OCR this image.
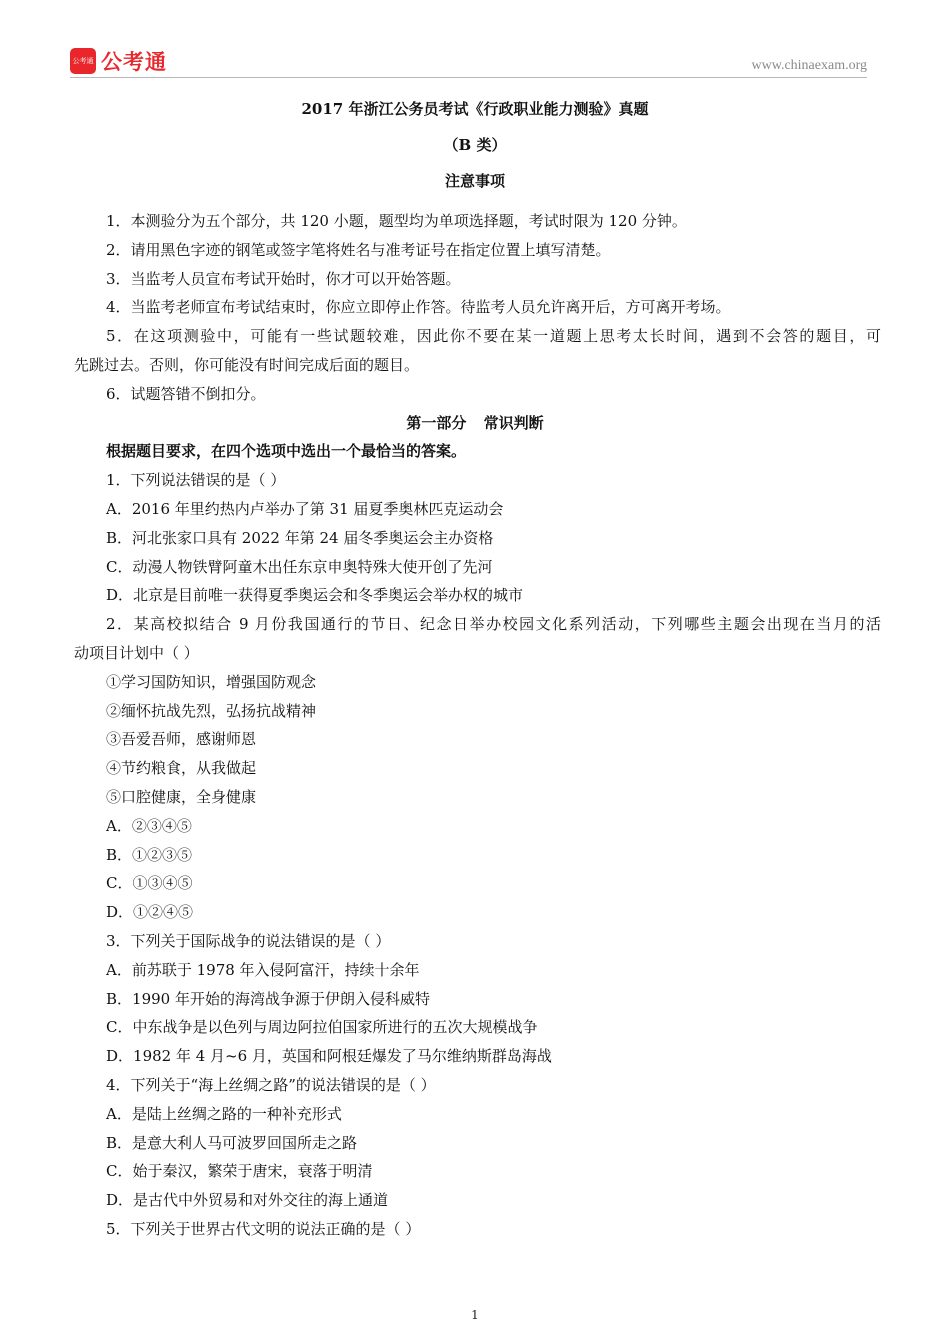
公考通 公考通	www.chinaexam.org
2017 年浙江公务员考试《行政职业能力测验》真题
（B 类）
注意事项
1．本测验分为五个部分，共 120 小题，题型均为单项选择题，考试时限为 120 分钟。
2．请用黑色字迹的钢笔或签字笔将姓名与准考证号在指定位置上填写清楚。
3．当监考人员宣布考试开始时，你才可以开始答题。
4．当监考老师宣布考试结束时，你应立即停止作答。待监考人员允许离开后，方可离开考场。
5．在这项测验中，可能有一些试题较难，因此你不要在某一道题上思考太长时间，遇到不会答的题目，可
先跳过去。否则，你可能没有时间完成后面的题目。
6．试题答错不倒扣分。
第一部分 常识判断
根据题目要求，在四个选项中选出一个最恰当的答案。
1．下列说法错误的是（ ）
A．2016 年里约热内卢举办了第 31 届夏季奥林匹克运动会
B．河北张家口具有 2022 年第 24 届冬季奥运会主办资格
C．动漫人物铁臂阿童木出任东京申奥特殊大使开创了先河
D．北京是目前唯一获得夏季奥运会和冬季奥运会举办权的城市
2．某高校拟结合 9 月份我国通行的节日、纪念日举办校园文化系列活动，下列哪些主题会出现在当月的活
动项目计划中（ ）
①学习国防知识，增强国防观念
②缅怀抗战先烈，弘扬抗战精神
③吾爱吾师，感谢师恩
④节约粮食，从我做起
⑤口腔健康，全身健康
A．②③④⑤
B．①②③⑤
C．①③④⑤
D．①②④⑤
3．下列关于国际战争的说法错误的是（ ）
A．前苏联于 1978 年入侵阿富汗，持续十余年
B．1990 年开始的海湾战争源于伊朗入侵科威特
C．中东战争是以色列与周边阿拉伯国家所进行的五次大规模战争
D．1982 年 4 月~6 月，英国和阿根廷爆发了马尔维纳斯群岛海战
4．下列关于“海上丝绸之路”的说法错误的是（ ）
A．是陆上丝绸之路的一种补充形式
B．是意大利人马可波罗回国所走之路
C．始于秦汉，繁荣于唐宋，衰落于明清
D．是古代中外贸易和对外交往的海上通道
5．下列关于世界古代文明的说法正确的是（ ）
1
